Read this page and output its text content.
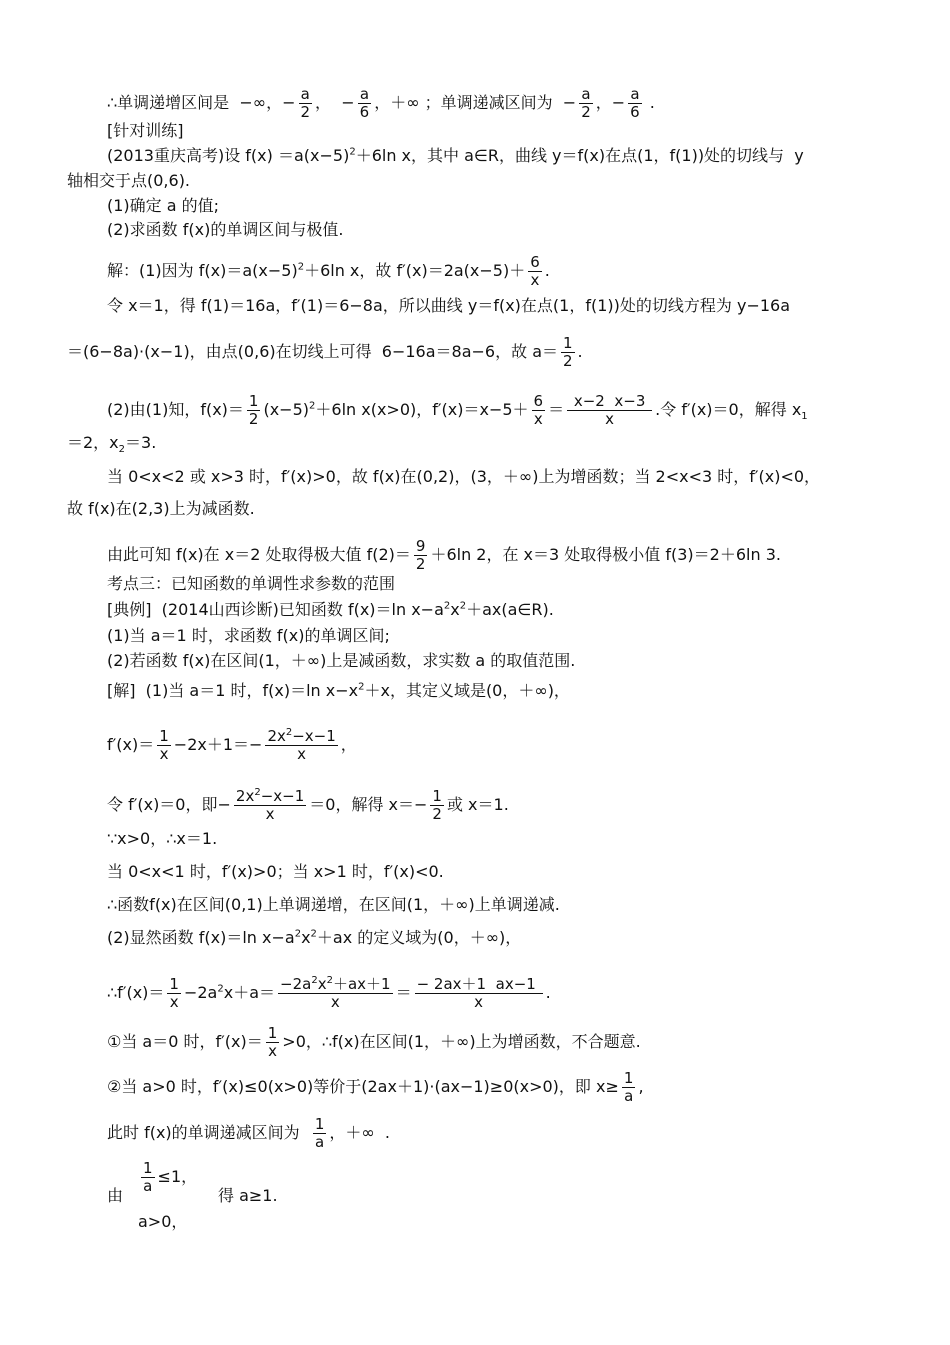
∴单调递增区间是  −∞，− $\frac{a}{2}$ ，  − $\frac{a}{6}$ ，＋∞ ；单调递减区间为  − $\frac{a}{2}$ ，− $\frac{a}{6}$ .
[针对训练]
(2013重庆高考)设 $f(x) =a(x-5)^2+6\ln$ x，其中 a∈R，曲线 y＝f(x)在点(1，f(1))处的切线与  y
轴相交于点(0,6).
(1)确定 a 的值;
(2)求函数 f(x)的单调区间与极值.
解：(1)因为 $f(x)=a(x-5)^2+6\ln$ x，故 $f'(x)=2a(x-5)+ \frac{6}{x}$ .
令 x＝1，得 f(1)＝16a，f′(1)＝6−8a，所以曲线 y＝f(x)在点(1，f(1))处的切线方程为 y−16a
＝(6−8a)·(x−1)，由点(0,6)在切线上可得  6−16a＝8a−6，故 $a= \frac{1}{2}$ .
(2)由(1)知，$f(x)= \frac{1}{2} (x-5)^2+6\ln$ x(x>0)，$f'(x)=x-5+ \frac{6}{x} = \frac{x-2 x-3}{x}$ .令 f′(x)＝0，解得 $x_1$
＝2，$x_2=3$.
当 0<x<2 或 x>3 时，f′(x)>0，故 f(x)在(0,2)，(3，＋∞)上为增函数；当 2<x<3 时，f′(x)<0，
故 f(x)在(2,3)上为减函数.
由此可知 f(x)在 x＝2 处取得极大值 $f(2)= \frac{9}{2} +6\ln$ 2，在 x＝3 处取得极小值 f(3)＝2＋6ln 3.
考点三：已知函数的单调性求参数的范围
[典例]  (2014山西诊断)已知函数 f(x)＝ln $x-a^2x^2+ax(a\in R)$.
(1)当 a＝1 时，求函数 f(x)的单调区间;
(2)若函数 f(x)在区间(1，＋∞)上是减函数，求实数 a 的取值范围.
[解]  (1)当 a＝1 时，f(x)＝ln $x-x^2+x$，其定义域是(0，＋∞)，
$f'(x)= \frac{1}{x} -2x+1=- \frac{2x^2-x-1}{x}$ ，
令 f′(x)＝0，即− $\frac{2x^2-x-1}{x} =0$，解得 $x=- \frac{1}{2}$ 或 x＝1.
∵x>0，∴x＝1.
当 0<x<1 时，f′(x)>0；当 x>1 时，f′(x)<0.
∴函数f(x)在区间(0,1)上单调递增，在区间(1，＋∞)上单调递减.
(2)显然函数 f(x)＝ln $x-a^2x^2+ax$ 的定义域为(0，＋∞)，
∴f′(x)＝ $\frac{1}{x} -2a^2x+a= \frac{-2a^2x^2+ax+1}{x} = \frac{- 2ax+1 ax-1}{x}$ .
①当 a＝0 时，$f'(x)= \frac{1}{x} >0$，∴f(x)在区间(1，＋∞)上为增函数，不合题意.
②当 a>0 时，f′(x)≤0(x>0)等价于(2ax＋1)·(ax−1)≥0(x>0)，即 $x\ge \frac{1}{a}$ ,
此时 f(x)的单调递减区间为 $\frac{1}{a}$ ，＋∞  .
由
$\frac{1}{a} \le 1$，
a>0，
得 a≥1.
